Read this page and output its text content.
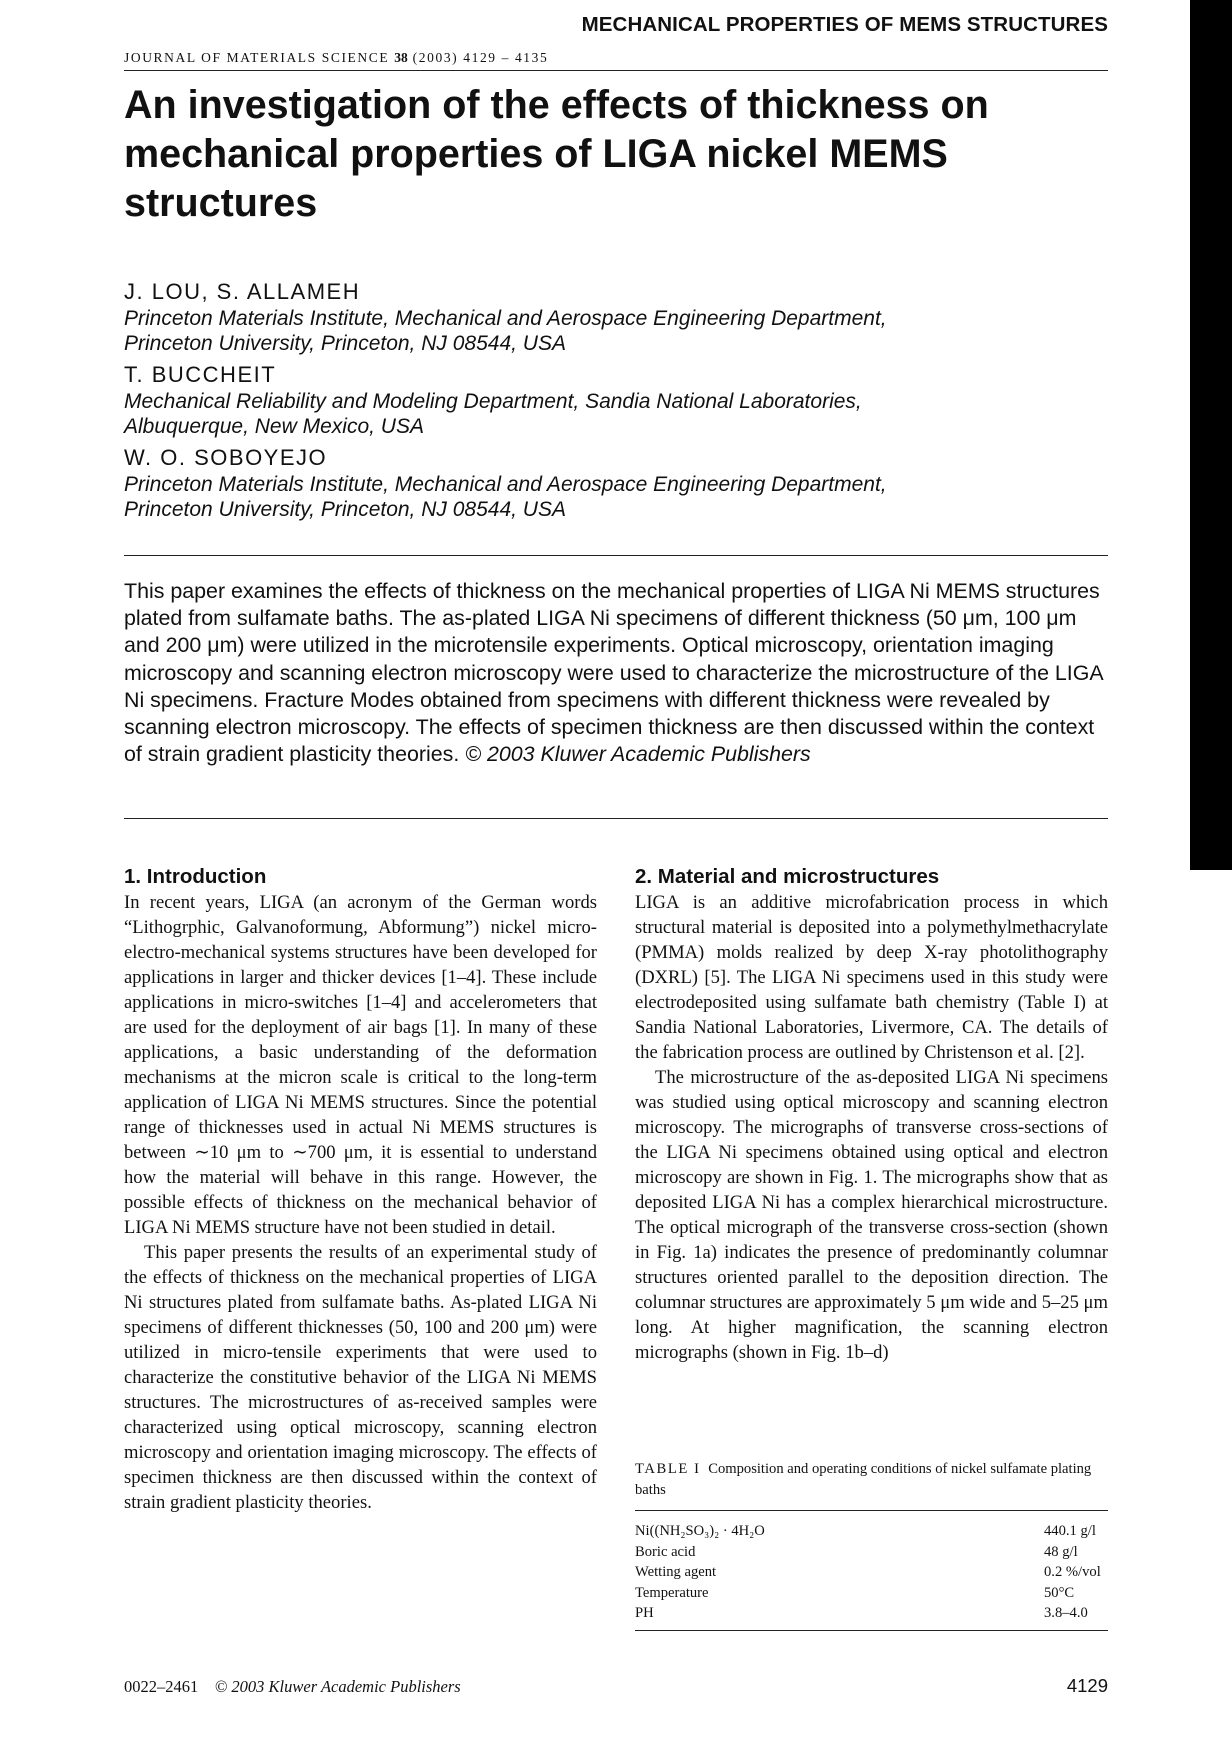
MECHANICAL PROPERTIES OF MEMS STRUCTURES
JOURNAL OF MATERIALS SCIENCE 38 (2003) 4129 – 4135
An investigation of the effects of thickness on mechanical properties of LIGA nickel MEMS structures
J. LOU, S. ALLAMEH
Princeton Materials Institute, Mechanical and Aerospace Engineering Department,
Princeton University, Princeton, NJ 08544, USA
T. BUCCHEIT
Mechanical Reliability and Modeling Department, Sandia National Laboratories,
Albuquerque, New Mexico, USA
W. O. SOBOYEJO
Princeton Materials Institute, Mechanical and Aerospace Engineering Department,
Princeton University, Princeton, NJ 08544, USA

This paper examines the effects of thickness on the mechanical properties of LIGA Ni MEMS structures plated from sulfamate baths. The as-plated LIGA Ni specimens of different thickness (50 μm, 100 μm and 200 μm) were utilized in the microtensile experiments. Optical microscopy, orientation imaging microscopy and scanning electron microscopy were used to characterize the microstructure of the LIGA Ni specimens. Fracture Modes obtained from specimens with different thickness were revealed by scanning electron microscopy. The effects of specimen thickness are then discussed within the context of strain gradient plasticity theories. © 2003 Kluwer Academic Publishers

1. Introduction

In recent years, LIGA (an acronym of the German words “Lithogrphic, Galvanoformung, Abformung”) nickel micro-electro-mechanical systems structures have been developed for applications in larger and thicker devices [1–4]. These include applications in micro-switches [1–4] and accelerometers that are used for the deployment of air bags [1]. In many of these applications, a basic understanding of the deformation mechanisms at the micron scale is critical to the long-term application of LIGA Ni MEMS structures. Since the potential range of thicknesses used in actual Ni MEMS structures is between ∼10 μm to ∼700 μm, it is essential to understand how the material will behave in this range. However, the possible effects of thickness on the mechanical behavior of LIGA Ni MEMS structure have not been studied in detail.

This paper presents the results of an experimental study of the effects of thickness on the mechanical properties of LIGA Ni structures plated from sulfamate baths. As-plated LIGA Ni specimens of different thicknesses (50, 100 and 200 μm) were utilized in micro-tensile experiments that were used to characterize the constitutive behavior of the LIGA Ni MEMS structures. The microstructures of as-received samples were characterized using optical microscopy, scanning electron microscopy and orientation imaging microscopy. The effects of specimen thickness are then discussed within the context of strain gradient plasticity theories.

2. Material and microstructures

LIGA is an additive microfabrication process in which structural material is deposited into a polymethylmethacrylate (PMMA) molds realized by deep X-ray photolithography (DXRL) [5]. The LIGA Ni specimens used in this study were electrodeposited using sulfamate bath chemistry (Table I) at Sandia National Laboratories, Livermore, CA. The details of the fabrication process are outlined by Christenson et al. [2].

The microstructure of the as-deposited LIGA Ni specimens was studied using optical microscopy and scanning electron microscopy. The micrographs of transverse cross-sections of the LIGA Ni specimens obtained using optical and electron microscopy are shown in Fig. 1. The micrographs show that as deposited LIGA Ni has a complex hierarchical microstructure. The optical micrograph of the transverse cross-section (shown in Fig. 1a) indicates the presence of predominantly columnar structures oriented parallel to the deposition direction. The columnar structures are approximately 5 μm wide and 5–25 μm long. At higher magnification, the scanning electron micrographs (shown in Fig. 1b–d)

TABLE I Composition and operating conditions of nickel sulfamate plating baths
Ni((NH₂SO₃)₂ · 4H₂O	440.1 g/l
Boric acid	48 g/l
Wetting agent	0.2 %/vol
Temperature	50°C
PH	3.8–4.0
0022–2461 © 2003 Kluwer Academic Publishers	4129
